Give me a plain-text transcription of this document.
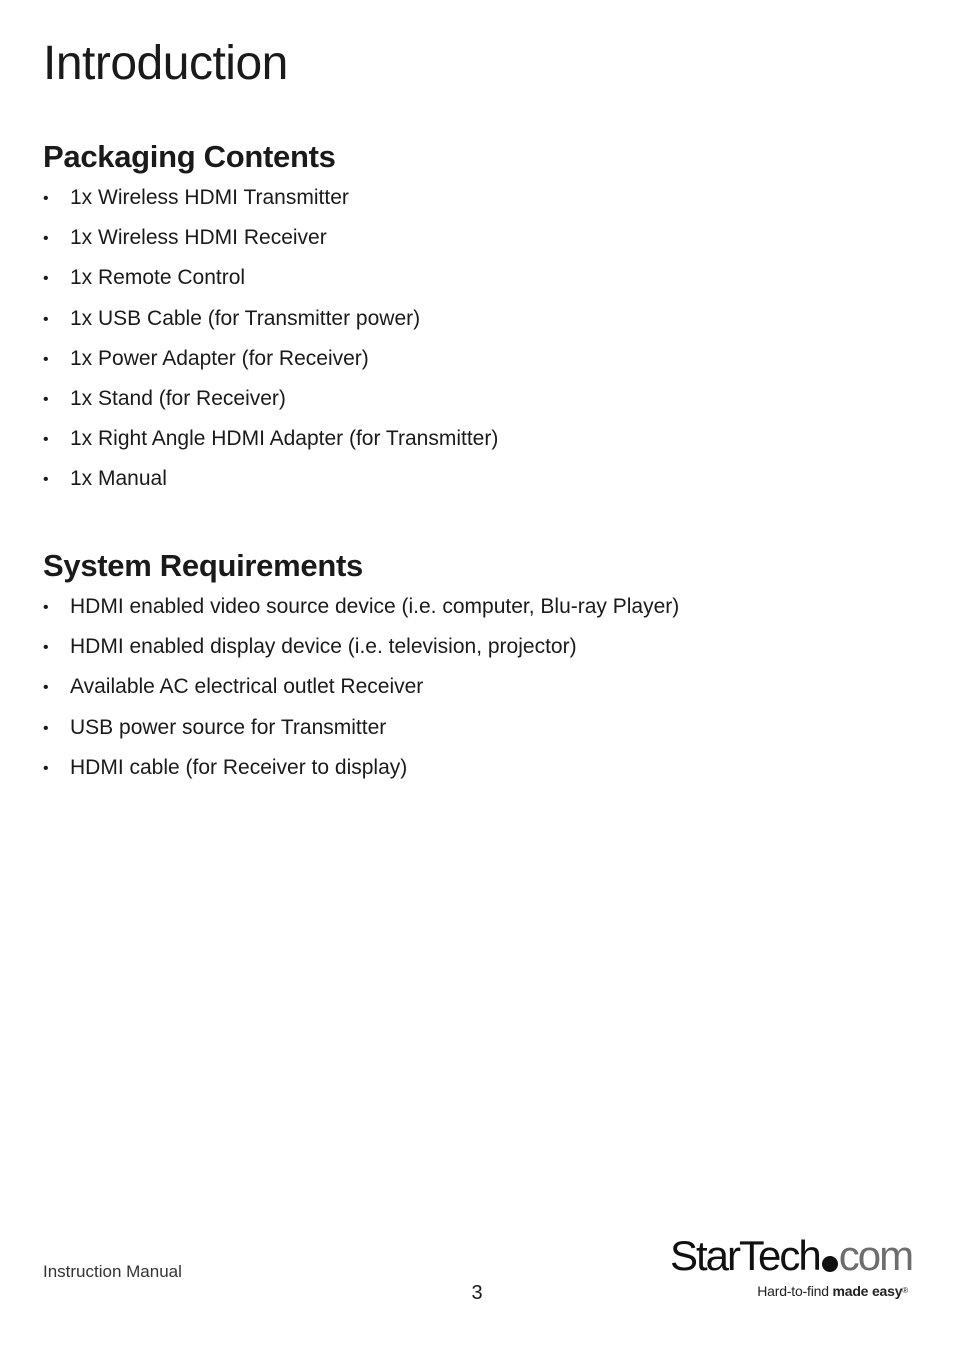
Introduction
Packaging Contents
•	1x Wireless HDMI Transmitter
•	1x Wireless HDMI Receiver
•	1x Remote Control
•	1x USB Cable (for Transmitter power)
•	1x Power Adapter (for Receiver)
•	1x Stand (for Receiver)
•	1x Right Angle HDMI Adapter (for Transmitter)
•	1x Manual
System Requirements
•	HDMI enabled video source device (i.e. computer, Blu-ray Player)
•	HDMI enabled display device (i.e. television, projector)
•	Available AC electrical outlet Receiver
•	USB power source for Transmitter
•	HDMI cable (for Receiver to display)
Instruction Manual
3
StarTech com
Hard-to-find made easy®
